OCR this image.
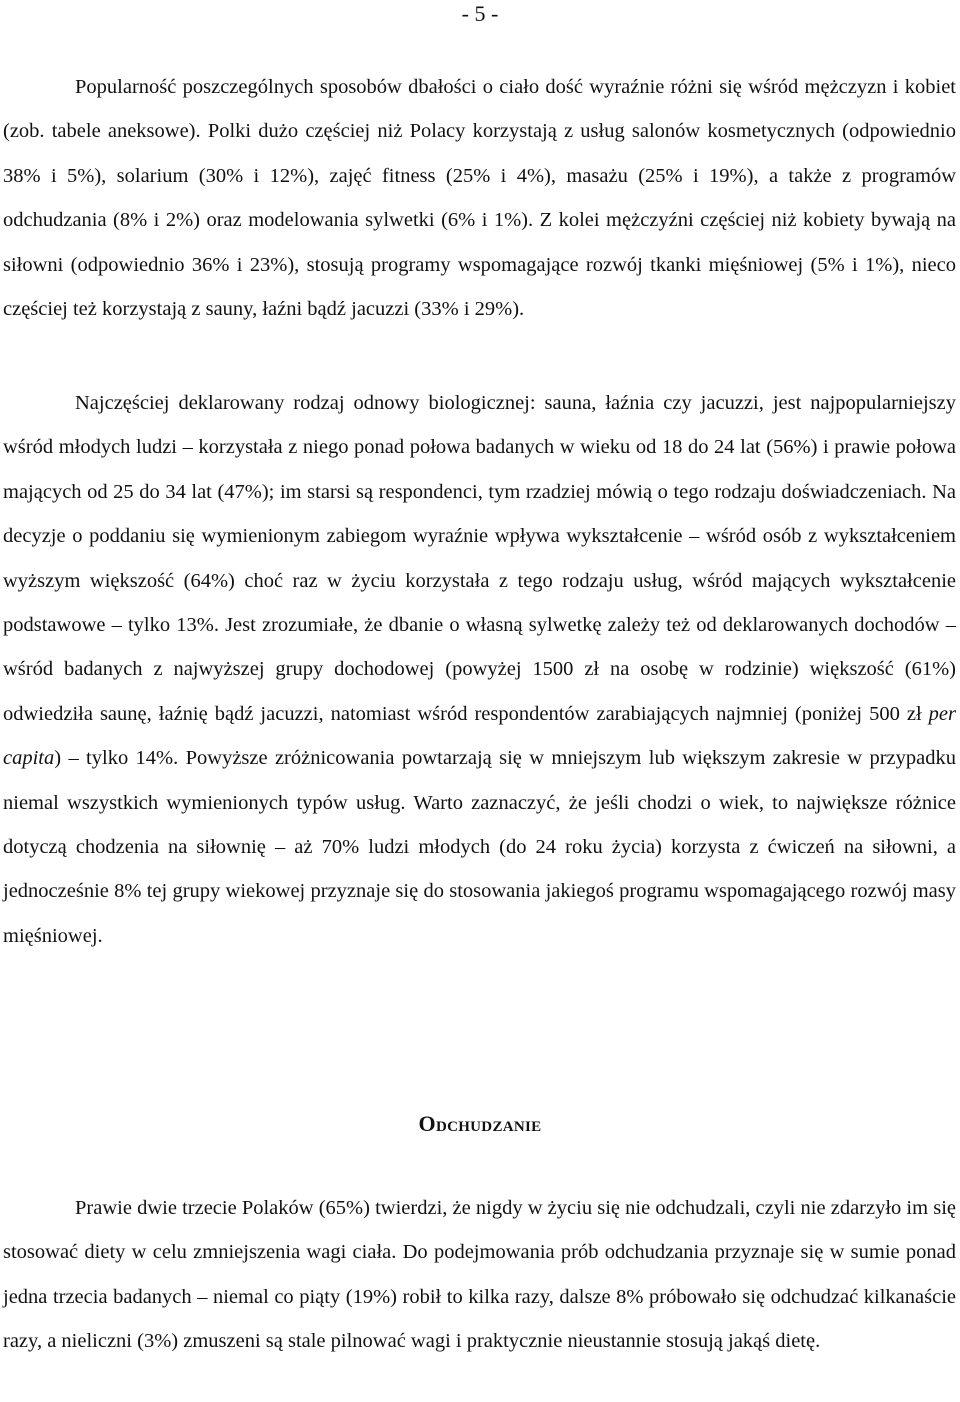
- 5 -

Popularność poszczególnych sposobów dbałości o ciało dość wyraźnie różni się wśród mężczyzn i kobiet (zob. tabele aneksowe). Polki dużo częściej niż Polacy korzystają z usług salonów kosmetycznych (odpowiednio 38% i 5%), solarium (30% i 12%), zajęć fitness (25% i 4%), masażu (25% i 19%), a także z programów odchudzania (8% i 2%) oraz modelowania sylwetki (6% i 1%). Z kolei mężczyźni częściej niż kobiety bywają na siłowni (odpowiednio 36% i 23%), stosują programy wspomagające rozwój tkanki mięśniowej (5% i 1%), nieco częściej też korzystają z sauny, łaźni bądź jacuzzi (33% i 29%).

Najczęściej deklarowany rodzaj odnowy biologicznej: sauna, łaźnia czy jacuzzi, jest najpopularniejszy wśród młodych ludzi – korzystała z niego ponad połowa badanych w wieku od 18 do 24 lat (56%) i prawie połowa mających od 25 do 34 lat (47%); im starsi są respondenci, tym rzadziej mówią o tego rodzaju doświadczeniach. Na decyzje o poddaniu się wymienionym zabiegom wyraźnie wpływa wykształcenie – wśród osób z wykształceniem wyższym większość (64%) choć raz w życiu korzystała z tego rodzaju usług, wśród mających wykształcenie podstawowe – tylko 13%. Jest zrozumiałe, że dbanie o własną sylwetkę zależy też od deklarowanych dochodów – wśród badanych z najwyższej grupy dochodowej (powyżej 1500 zł na osobę w rodzinie) większość (61%) odwiedziła saunę, łaźnię bądź jacuzzi, natomiast wśród respondentów zarabiających najmniej (poniżej 500 zł per capita) – tylko 14%. Powyższe zróżnicowania powtarzają się w mniejszym lub większym zakresie w przypadku niemal wszystkich wymienionych typów usług. Warto zaznaczyć, że jeśli chodzi o wiek, to największe różnice dotyczą chodzenia na siłownię – aż 70% ludzi młodych (do 24 roku życia) korzysta z ćwiczeń na siłowni, a jednocześnie 8% tej grupy wiekowej przyznaje się do stosowania jakiegoś programu wspomagającego rozwój masy mięśniowej.

Odchudzanie

Prawie dwie trzecie Polaków (65%) twierdzi, że nigdy w życiu się nie odchudzali, czyli nie zdarzyło im się stosować diety w celu zmniejszenia wagi ciała. Do podejmowania prób odchudzania przyznaje się w sumie ponad jedna trzecia badanych – niemal co piąty (19%) robił to kilka razy, dalsze 8% próbowało się odchudzać kilkanaście razy, a nieliczni (3%) zmuszeni są stale pilnować wagi i praktycznie nieustannie stosują jakąś dietę.
